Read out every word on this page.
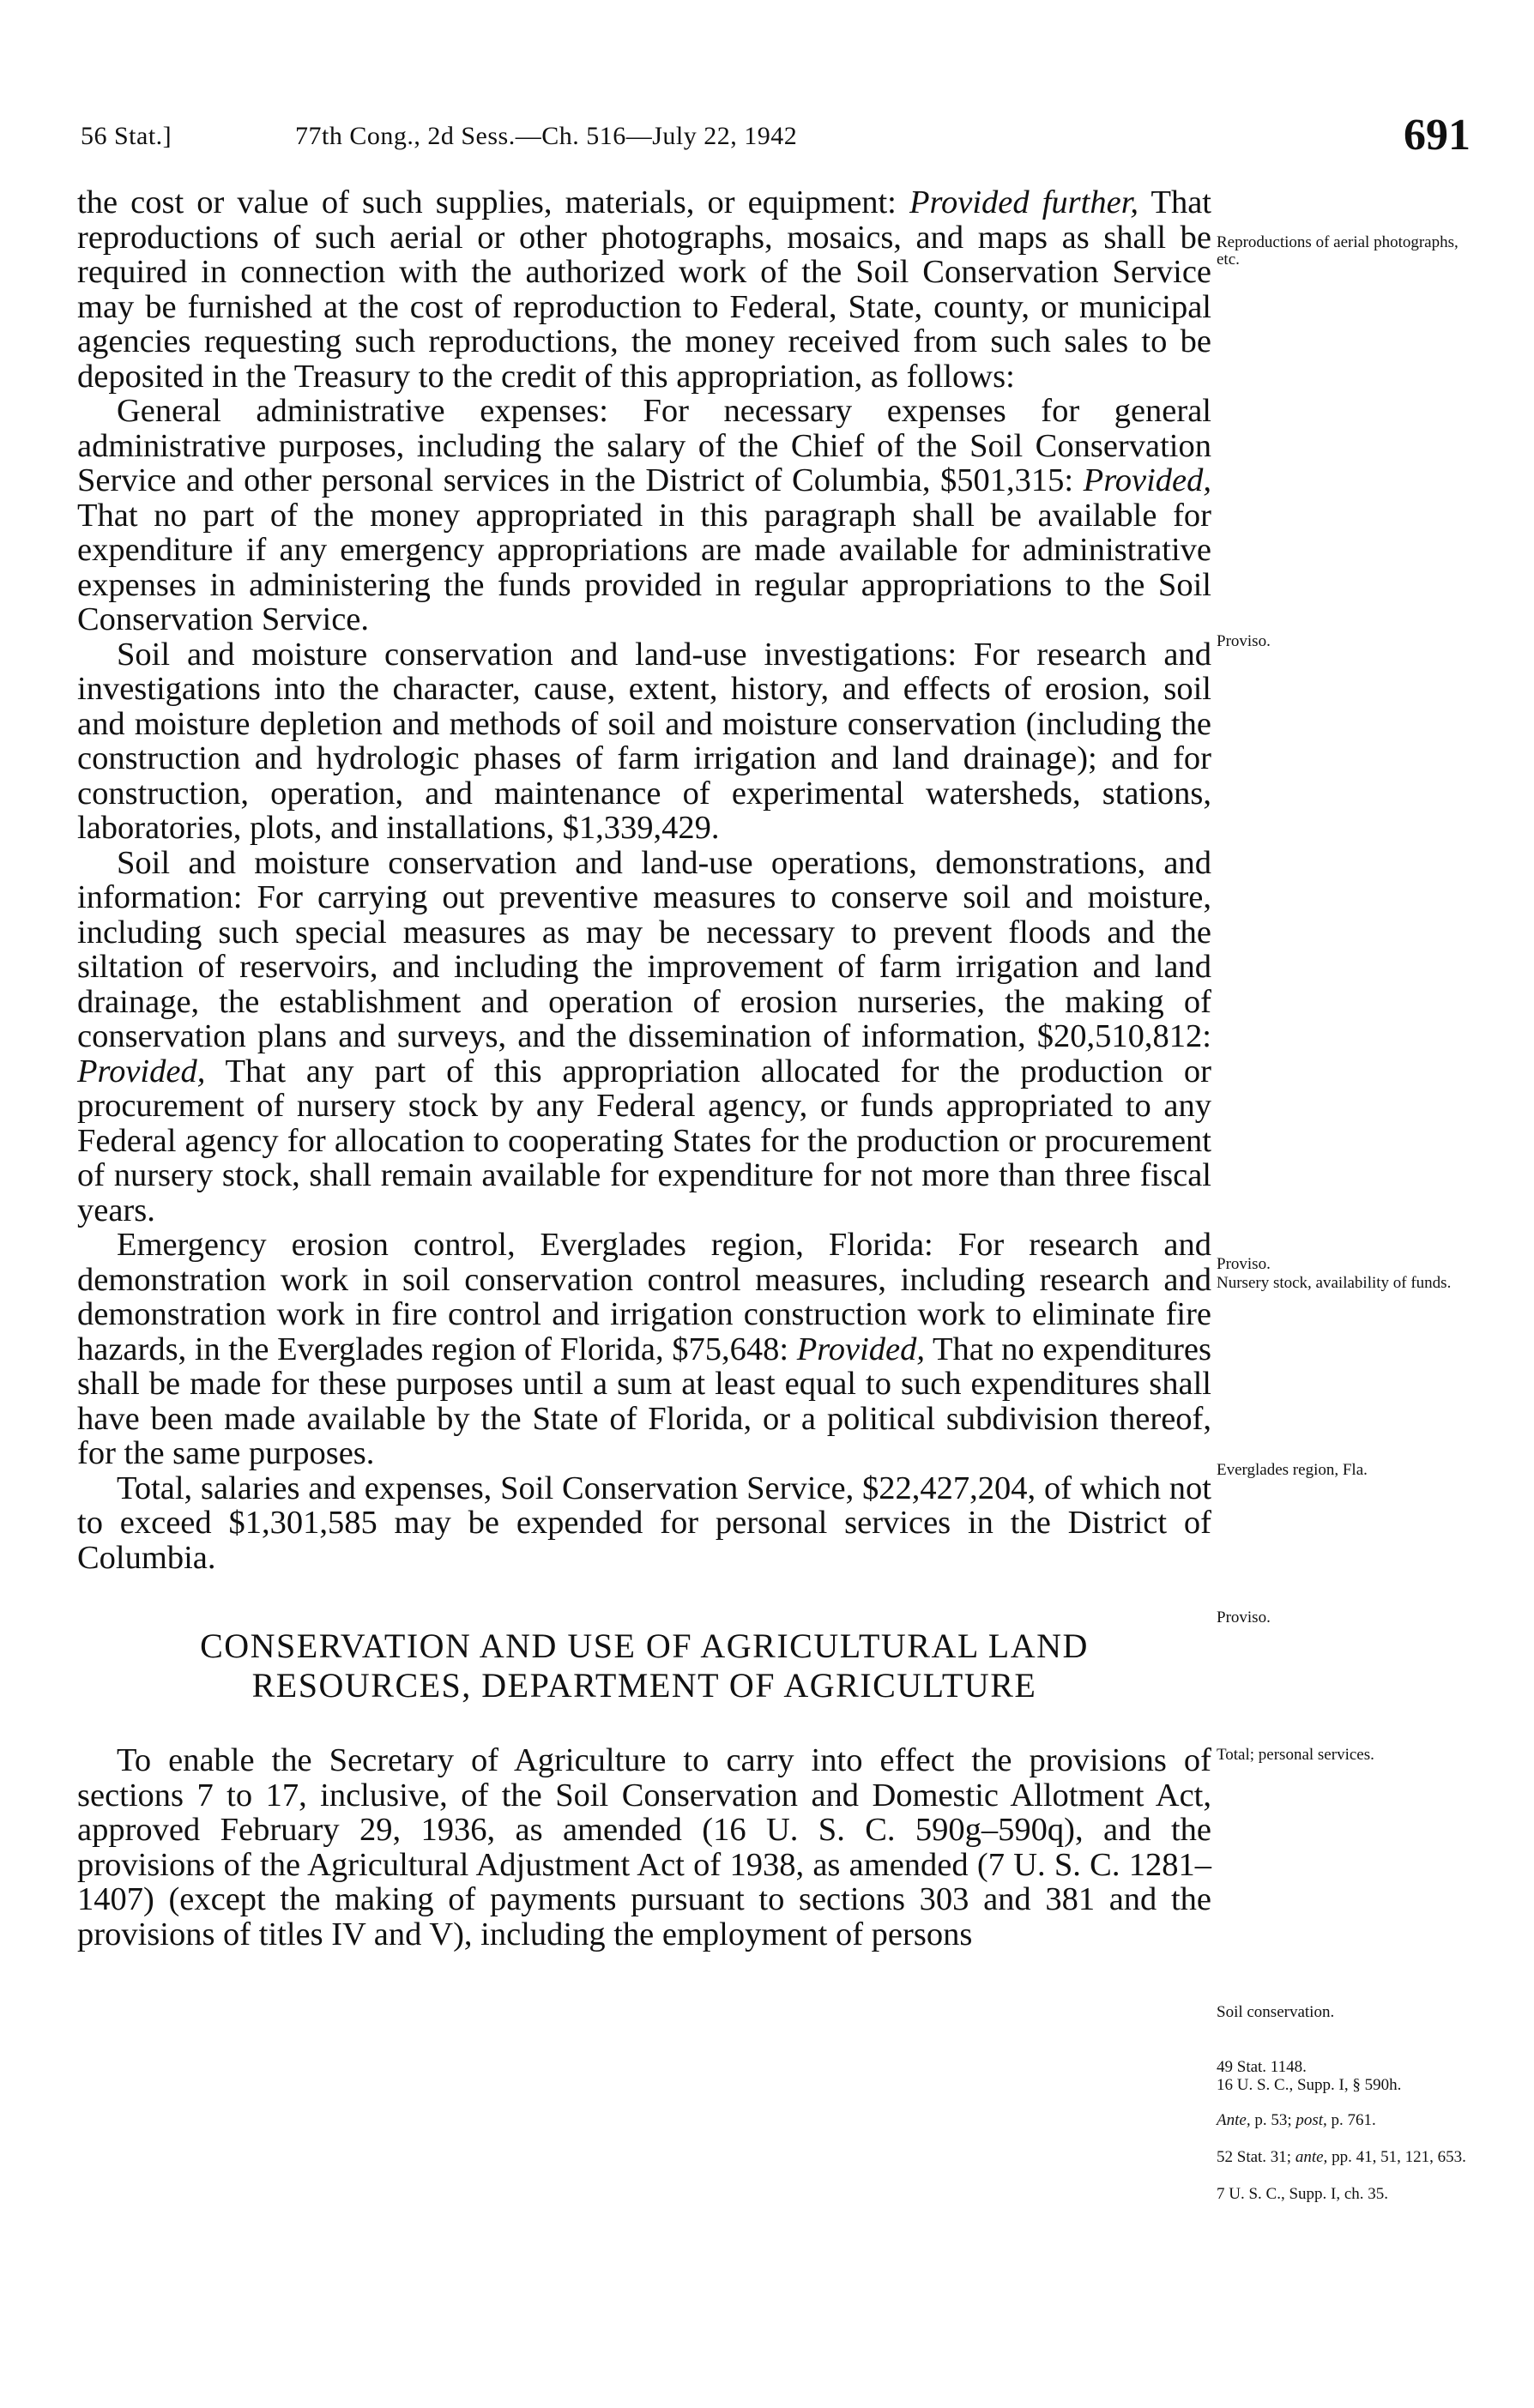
56 Stat.]	77th Cong., 2d Sess.—Ch. 516—July 22, 1942	691

the cost or value of such supplies, materials, or equipment: Provided further, That reproductions of such aerial or other photographs, mosaics, and maps as shall be required in connection with the authorized work of the Soil Conservation Service may be furnished at the cost of reproduction to Federal, State, county, or municipal agencies requesting such reproductions, the money received from such sales to be deposited in the Treasury to the credit of this appropriation, as follows:

General administrative expenses: For necessary expenses for general administrative purposes, including the salary of the Chief of the Soil Conservation Service and other personal services in the District of Columbia, $501,315: Provided, That no part of the money appropriated in this paragraph shall be available for expenditure if any emergency appropriations are made available for administrative expenses in administering the funds provided in regular appropriations to the Soil Conservation Service.

Soil and moisture conservation and land-use investigations: For research and investigations into the character, cause, extent, history, and effects of erosion, soil and moisture depletion and methods of soil and moisture conservation (including the construction and hydrologic phases of farm irrigation and land drainage); and for construction, operation, and maintenance of experimental watersheds, stations, laboratories, plots, and installations, $1,339,429.

Soil and moisture conservation and land-use operations, demonstrations, and information: For carrying out preventive measures to conserve soil and moisture, including such special measures as may be necessary to prevent floods and the siltation of reservoirs, and including the improvement of farm irrigation and land drainage, the establishment and operation of erosion nurseries, the making of conservation plans and surveys, and the dissemination of information, $20,510,812: Provided, That any part of this appropriation allocated for the production or procurement of nursery stock by any Federal agency, or funds appropriated to any Federal agency for allocation to cooperating States for the production or procurement of nursery stock, shall remain available for expenditure for not more than three fiscal years.

Emergency erosion control, Everglades region, Florida: For research and demonstration work in soil conservation control measures, including research and demonstration work in fire control and irrigation construction work to eliminate fire hazards, in the Everglades region of Florida, $75,648: Provided, That no expenditures shall be made for these purposes until a sum at least equal to such expenditures shall have been made available by the State of Florida, or a political subdivision thereof, for the same purposes.

Total, salaries and expenses, Soil Conservation Service, $22,427,204, of which not to exceed $1,301,585 may be expended for personal services in the District of Columbia.

CONSERVATION AND USE OF AGRICULTURAL LAND
RESOURCES, DEPARTMENT OF AGRICULTURE

To enable the Secretary of Agriculture to carry into effect the provisions of sections 7 to 17, inclusive, of the Soil Conservation and Domestic Allotment Act, approved February 29, 1936, as amended (16 U. S. C. 590g–590q), and the provisions of the Agricultural Adjustment Act of 1938, as amended (7 U. S. C. 1281–1407) (except the making of payments pursuant to sections 303 and 381 and the provisions of titles IV and V), including the employment of persons

Reproductions of aerial photographs, etc.
Proviso.
Proviso.
Nursery stock, availability of funds.
Everglades region, Fla.
Proviso.
Total; personal services.
Soil conservation.
49 Stat. 1148.
16 U. S. C., Supp. I, § 590h.
Ante, p. 53; post, p. 761.
52 Stat. 31; ante, pp. 41, 51, 121, 653.
7 U. S. C., Supp. I, ch. 35.
